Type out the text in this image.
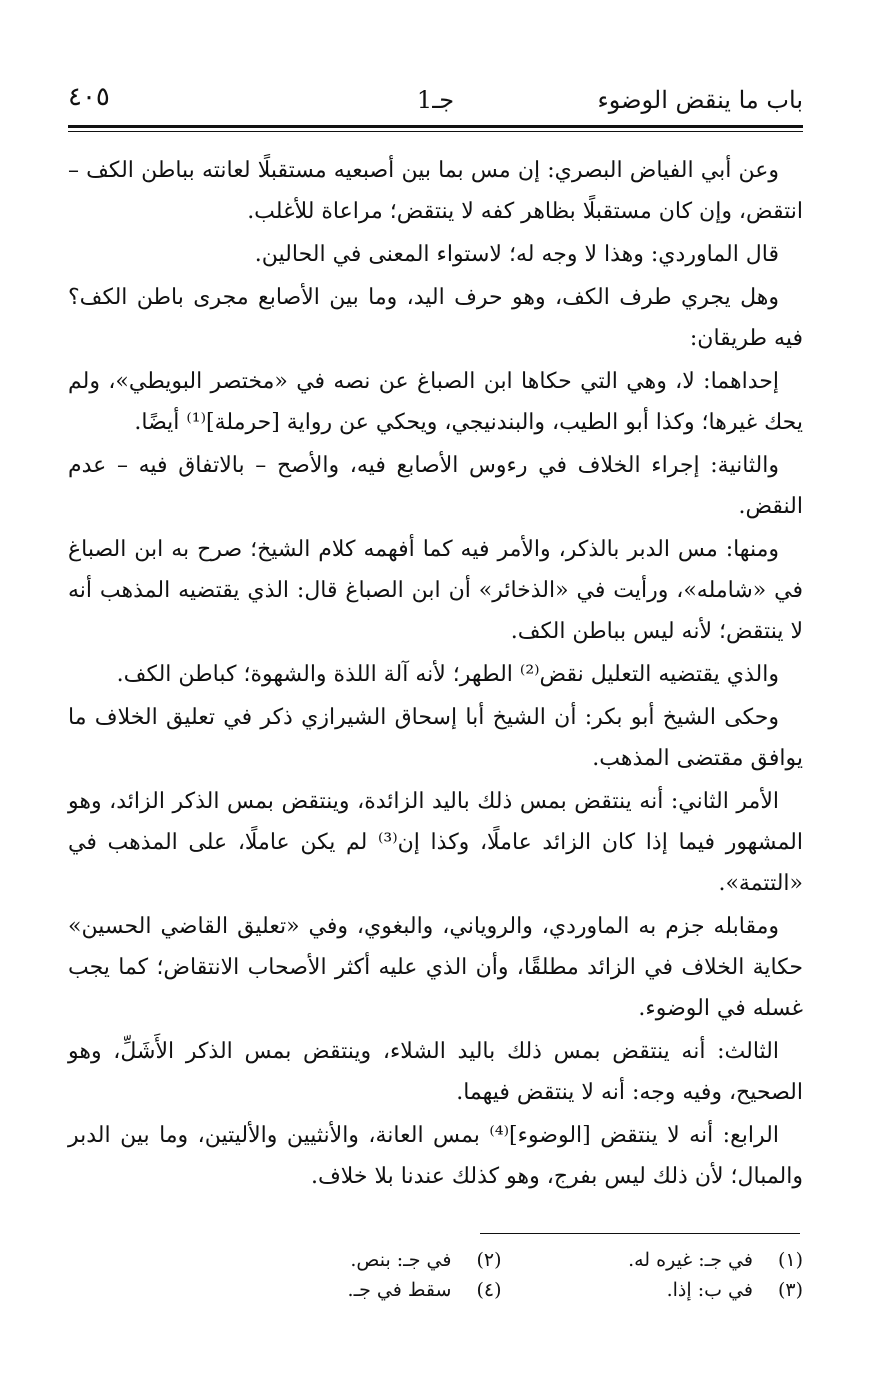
باب ما ينقض الوضوء
جـ1
٤٠٥

وعن أبي الفياض البصري: إن مس بما بين أصبعيه مستقبلًا لعانته بباطن الكف – انتقض، وإن كان مستقبلًا بظاهر كفه لا ينتقض؛ مراعاة للأغلب.

قال الماوردي: وهذا لا وجه له؛ لاستواء المعنى في الحالين.

وهل يجري طرف الكف، وهو حرف اليد، وما بين الأصابع مجرى باطن الكف؟ فيه طريقان:

إحداهما: لا، وهي التي حكاها ابن الصباغ عن نصه في «مختصر البويطي»، ولم يحك غيرها؛ وكذا أبو الطيب، والبندنيجي، ويحكي عن رواية [حرملة]⁽¹⁾ أيضًا.

والثانية: إجراء الخلاف في رءوس الأصابع فيه، والأصح – بالاتفاق فيه – عدم النقض.

ومنها: مس الدبر بالذكر، والأمر فيه كما أفهمه كلام الشيخ؛ صرح به ابن الصباغ في «شامله»، ورأيت في «الذخائر» أن ابن الصباغ قال: الذي يقتضيه المذهب أنه لا ينتقض؛ لأنه ليس بباطن الكف.

والذي يقتضيه التعليل نقض⁽²⁾ الطهر؛ لأنه آلة اللذة والشهوة؛ كباطن الكف.

وحكى الشيخ أبو بكر: أن الشيخ أبا إسحاق الشيرازي ذكر في تعليق الخلاف ما يوافق مقتضى المذهب.

الأمر الثاني: أنه ينتقض بمس ذلك باليد الزائدة، وينتقض بمس الذكر الزائد، وهو المشهور فيما إذا كان الزائد عاملًا، وكذا إن⁽³⁾ لم يكن عاملًا، على المذهب في «التتمة».

ومقابله جزم به الماوردي، والروياني، والبغوي، وفي «تعليق القاضي الحسين» حكاية الخلاف في الزائد مطلقًا، وأن الذي عليه أكثر الأصحاب الانتقاض؛ كما يجب غسله في الوضوء.

الثالث: أنه ينتقض بمس ذلك باليد الشلاء، وينتقض بمس الذكر الأَشَلِّ، وهو الصحيح، وفيه وجه: أنه لا ينتقض فيهما.

الرابع: أنه لا ينتقض [الوضوء]⁽⁴⁾ بمس العانة، والأنثيين والأليتين، وما بين الدبر والمبال؛ لأن ذلك ليس بفرج، وهو كذلك عندنا بلا خلاف.

(١) في جـ: غيره له.
(٢) في جـ: بنص.
(٣) في ب: إذا.
(٤) سقط في جـ.
